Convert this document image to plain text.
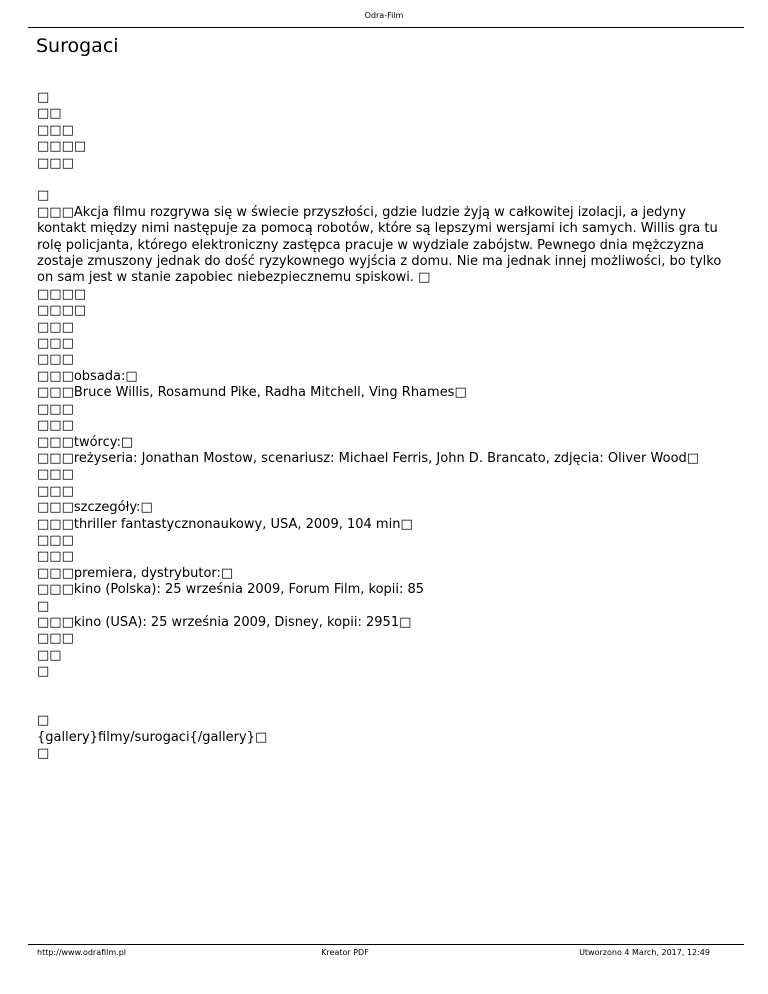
Odra-Film
Surogaci
□
□□
□□□
□□□□
□□□
□
□□□Akcja filmu rozgrywa się w świecie przyszłości, gdzie ludzie żyją w całkowitej izolacji, a jedyny kontakt między nimi następuje za pomocą robotów, które są lepszymi wersjami ich samych. Willis gra tu rolę policjanta, którego elektroniczny zastępca pracuje w wydziale zabójstw. Pewnego dnia mężczyzna zostaje zmuszony jednak do dość ryzykownego wyjścia z domu. Nie ma jednak innej możliwości, bo tylko on sam jest w stanie zapobiec niebezpiecznemu spiskowi. □
□□□□
□□□□
□□□
□□□
□□□
□□□obsada:□
□□□Bruce Willis, Rosamund Pike, Radha Mitchell, Ving Rhames□
□□□
□□□
□□□twórcy:□
□□□reżyseria: Jonathan Mostow, scenariusz: Michael Ferris, John D. Brancato, zdjęcia: Oliver Wood□
□□□
□□□
□□□szczegóły:□
□□□thriller fantastycznonaukowy, USA, 2009, 104 min□
□□□
□□□
□□□premiera, dystrybutor:□
□□□kino (Polska): 25 września 2009, Forum Film, kopii: 85
□
□□□kino (USA): 25 września 2009, Disney, kopii: 2951□
□□□
□□
□
□
{gallery}filmy/surogaci{/gallery}□
□
http://www.odrafilm.pl	Kreator PDF	Utworzono 4 March, 2017, 12:49
